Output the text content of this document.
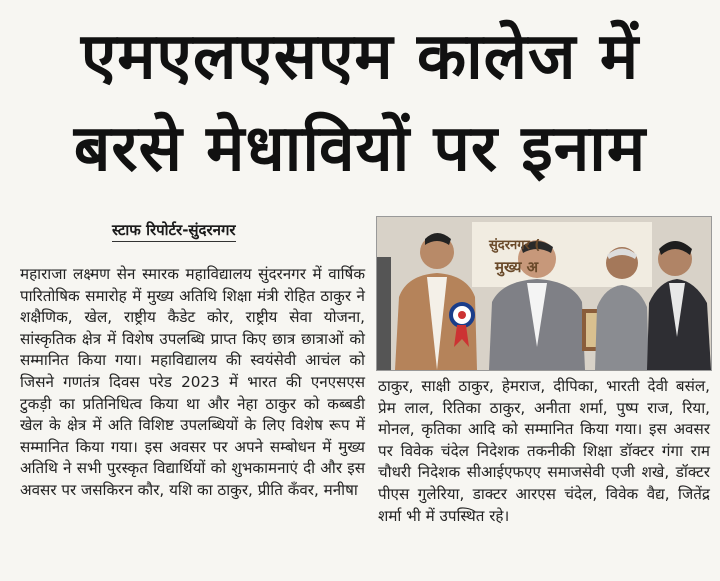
एमएलएसएम कालेज में
बरसे मेधावियों पर इनाम
स्टाफ रिपोर्टर-सुंदरनगर
महाराजा लक्ष्मण सेन स्मारक महाविद्यालय सुंदरनगर में वार्षिक पारितोषिक समारोह में मुख्य अतिथि शिक्षा मंत्री रोहित ठाकुर ने शक्षैणिक, खेल, राष्ट्रीय कैडेट कोर, राष्ट्रीय सेवा योजना, सांस्कृतिक क्षेत्र में विशेष उपलब्धि प्राप्त किए छात्र छात्राओं को सम्मानित किया गया। महाविद्यालय की स्वयंसेवी आचंल को जिसने गणतंत्र दिवस परेड 2023 में भारत की एनएसएस टुकड़ी का प्रतिनिधित्व किया था और नेहा ठाकुर को कब्बडी खेल के क्षेत्र में अति विशिष्ट उपलब्धियों के लिए विशेष रूप में सम्मानित किया गया। इस अवसर पर अपने सम्बोधन में मुख्य अतिथि ने सभी पुरस्कृत विद्यार्थियों को शुभकामनाएं दी और इस अवसर पर जसकिरन कौर, यशि का ठाकुर, प्रीति कँवर, मनीषा
सुंदरनगर (
मुख्य अ
ठाकुर, साक्षी ठाकुर, हेमराज, दीपिका, भारती देवी बसंल, प्रेम लाल, रितिका ठाकुर, अनीता शर्मा, पुष्प राज, रिया, मोनल, कृतिका आदि को सम्मानित किया गया। इस अवसर पर विवेक चंदेल निदेशक तकनीकी शिक्षा डॉक्टर गंगा राम चौधरी निदेशक सीआईएफएए समाजसेवी एजी शखे, डॉक्टर पीएस गुलेरिया, डाक्टर आरएस चंदेल, विवेक वैद्य, जितेंद्र शर्मा भी में उपस्थित रहे।
